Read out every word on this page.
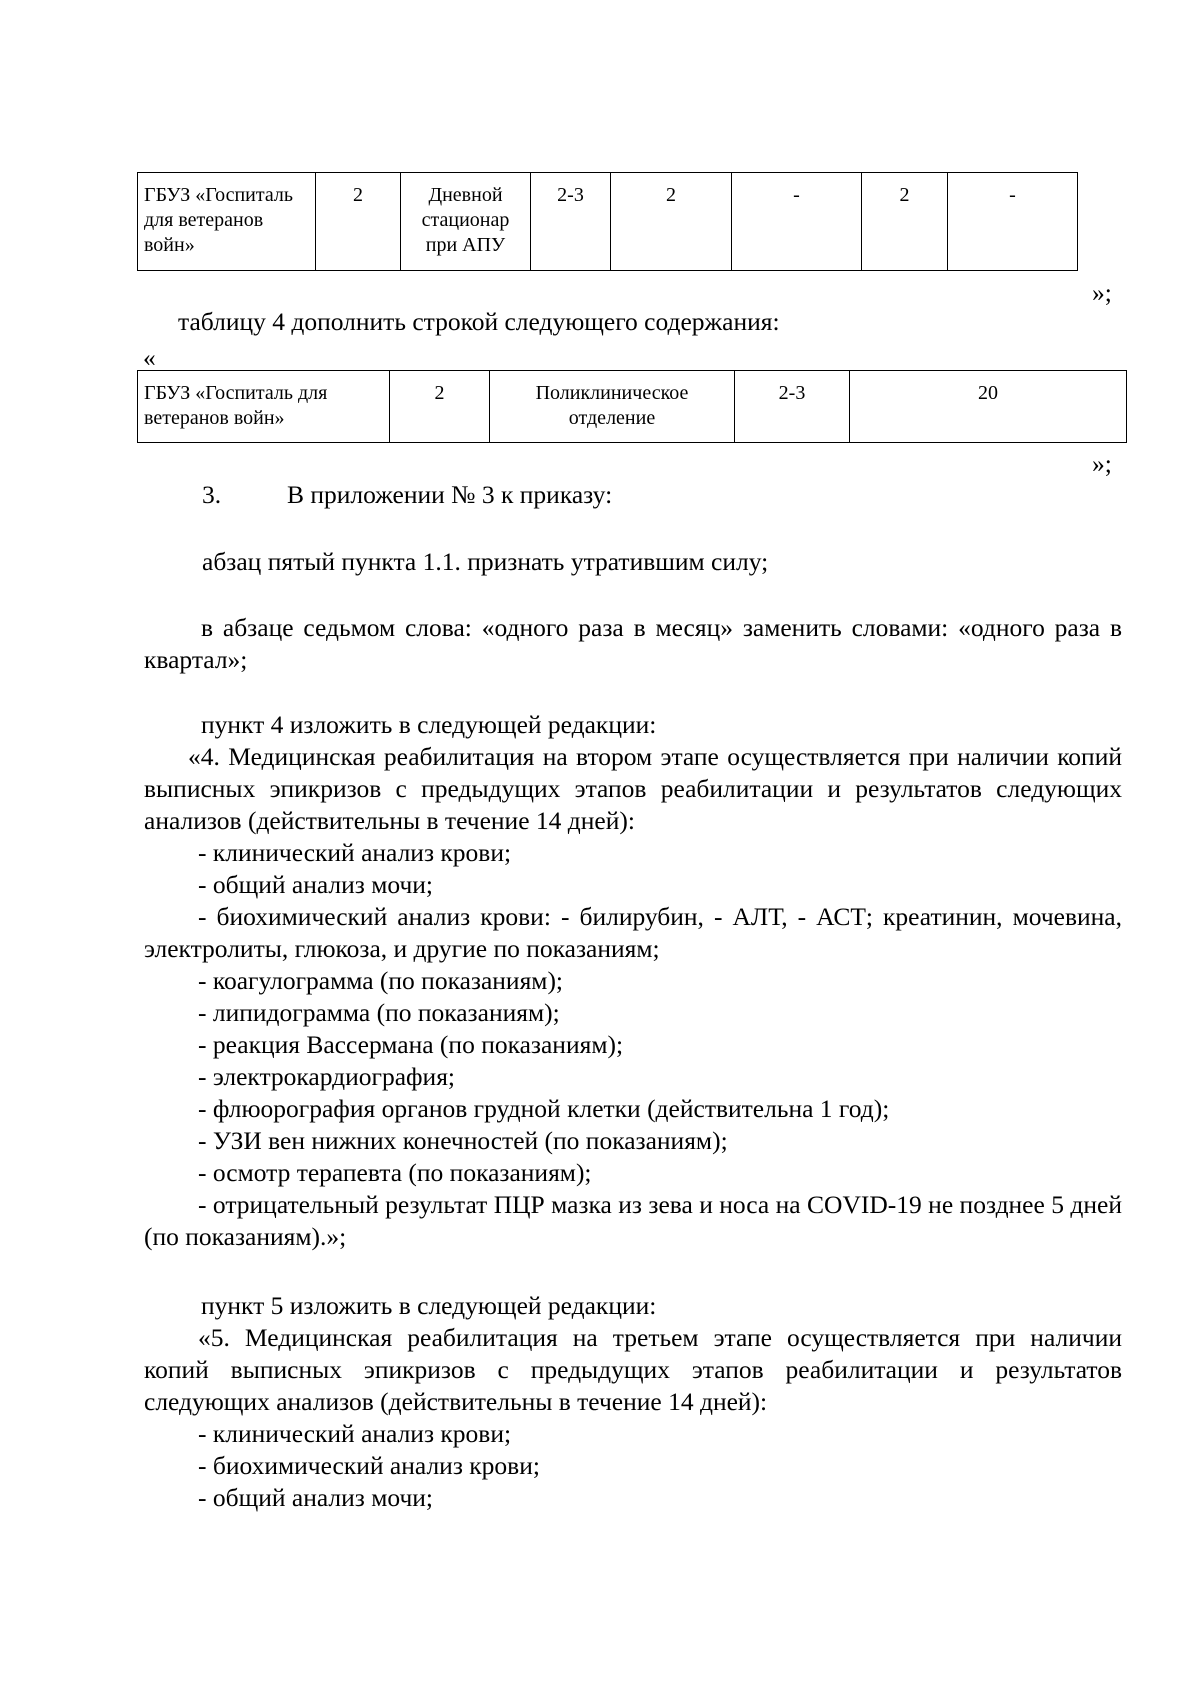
ГБУЗ «Госпиталь для ветеранов войн»	2	Дневной стационар при АПУ	2-3	2	-	2	-
»;
таблицу 4 дополнить строкой следующего содержания:
«
ГБУЗ «Госпиталь для ветеранов войн»	2	Поликлиническое отделение	2-3	20
»;
3.	В приложении № 3 к приказу:
абзац пятый пункта 1.1. признать утратившим силу;
в абзаце седьмом слова: «одного раза в месяц» заменить словами: «одного раза в квартал»;
пункт 4 изложить в следующей редакции:
«4. Медицинская реабилитация на втором этапе осуществляется при наличии копий выписных эпикризов с предыдущих этапов реабилитации и результатов следующих анализов (действительны в течение 14 дней):
- клинический анализ крови;
- общий анализ мочи;
- биохимический анализ крови: - билирубин, - АЛТ, - АСТ; креатинин, мочевина, электролиты, глюкоза, и другие по показаниям;
- коагулограмма (по показаниям);
- липидограмма (по показаниям);
- реакция Вассермана (по показаниям);
- электрокардиография;
- флюорография органов грудной клетки (действительна 1 год);
- УЗИ вен нижних конечностей (по показаниям);
- осмотр терапевта (по показаниям);
- отрицательный результат ПЦР мазка из зева и носа на COVID-19 не позднее 5 дней (по показаниям).»;
пункт 5 изложить в следующей редакции:
«5. Медицинская реабилитация на третьем этапе осуществляется при наличии копий выписных эпикризов с предыдущих этапов реабилитации и результатов следующих анализов (действительны в течение 14 дней):
- клинический анализ крови;
- биохимический анализ крови;
- общий анализ мочи;
